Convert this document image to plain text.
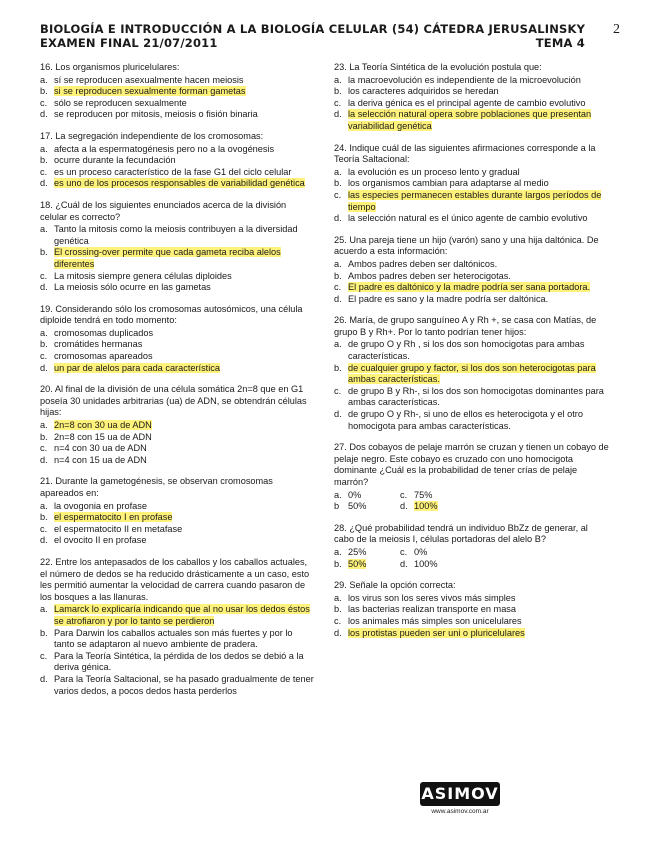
BIOLOGÍA E INTRODUCCIÓN A LA BIOLOGÍA CELULAR (54) CÁTEDRA JERUSALINSKY
EXAMEN FINAL 21/07/2011	TEMA 4
2
16. Los organismos pluricelulares:
a. sí se reproducen asexualmente hacen meiosis
b. si se reproducen sexualmente forman gametas
c. sólo se reproducen sexualmente
d. se reproducen por mitosis, meiosis o fisión binaria
17. La segregación independiente de los cromosomas:
a. afecta a la espermatogénesis pero no a la ovogénesis
b. ocurre durante la fecundación
c. es un proceso característico de la fase G1 del ciclo celular
d. es uno de los procesos responsables de variabilidad genética
18. ¿Cuál de los siguientes enunciados acerca de la división celular es correcto?
a. Tanto la mitosis como la meiosis contribuyen a la diversidad genética
b. El crossing-over permite que cada gameta reciba alelos diferentes
c. La mitosis siempre genera células diploides
d. La meiosis sólo ocurre en las gametas
19. Considerando sólo los cromosomas autosómicos, una célula diploide tendrá en todo momento:
a. cromosomas duplicados
b. cromátides hermanas
c. cromosomas apareados
d. un par de alelos para cada característica
20. Al final de la división de una célula somática 2n=8 que en G1 poseía 30 unidades arbitrarias (ua) de ADN, se obtendrán células hijas:
a. 2n=8 con 30 ua de ADN
b. 2n=8 con 15 ua de ADN
c. n=4 con 30 ua de ADN
d. n=4 con 15 ua de ADN
21. Durante la gametogénesis, se observan cromosomas apareados en:
a. la ovogonia en profase
b. el espermatocito I en profase
c. el espermatocito II en metafase
d. el ovocito II en profase
22. Entre los antepasados de los caballos y los caballos actuales, el número de dedos se ha reducido drásticamente a un caso, esto les permitió aumentar la velocidad de carrera cuando pasaron de los bosques a las llanuras.
a. Lamarck lo explicaría indicando que al no usar los dedos éstos se atrofiaron y por lo tanto se perdieron
b. Para Darwin los caballos actuales son más fuertes y por lo tanto se adaptaron al nuevo ambiente de pradera.
c. Para la Teoría Sintética, la pérdida de los dedos se debió a la deriva génica.
d. Para la Teoría Saltacional, se ha pasado gradualmente de tener varios dedos, a pocos dedos hasta perderlos
23. La Teoría Sintética de la evolución postula que:
a. la macroevolución es independiente de la microevolución
b. los caracteres adquiridos se heredan
c. la deriva génica es el principal agente de cambio evolutivo
d. la selección natural opera sobre poblaciones que presentan variabilidad genética
24. Indique cuál de las siguientes afirmaciones corresponde a la Teoría Saltacional:
a. la evolución es un proceso lento y gradual
b. los organismos cambian para adaptarse al medio
c. las especies permanecen estables durante largos períodos de tiempo
d. la selección natural es el único agente de cambio evolutivo
25. Una pareja tiene un hijo (varón) sano y una hija daltónica. De acuerdo a esta información:
a. Ambos padres deben ser daltónicos.
b. Ambos padres deben ser heterocigotas.
c. El padre es daltónico y la madre podría ser sana portadora.
d. El padre es sano y la madre podría ser daltónica.
26. María, de grupo sanguíneo A y Rh +, se casa con Matías, de grupo B y Rh+. Por lo tanto podrían tener hijos:
a. de grupo O y Rh , si los dos son homocigotas para ambas características.
b. de cualquier grupo y factor, si los dos son heterocigotas para ambas características.
c. de grupo B y Rh-, si los dos son homocigotas dominantes para ambas características.
d. de grupo O y Rh-, si uno de ellos es heterocigota y el otro homocigota para ambas características.
27. Dos cobayos de pelaje marrón se cruzan y tienen un cobayo de pelaje negro. Este cobayo es cruzado con uno homocigota dominante ¿Cuál es la probabilidad de tener crías de pelaje marrón?
a. 0%	c. 75%
b 50%	d. 100%
28. ¿Qué probabilidad tendrá un individuo BbZz de generar, al cabo de la meiosis I, células portadoras del alelo B?
a. 25%	c. 0%
b. 50%	d. 100%
29. Señale la opción correcta:
a. los virus son los seres vivos más simples
b. las bacterias realizan transporte en masa
c. los animales más simples son unicelulares
d. los protistas pueden ser uni o pluricelulares
ASIMOV
www.asimov.com.ar
